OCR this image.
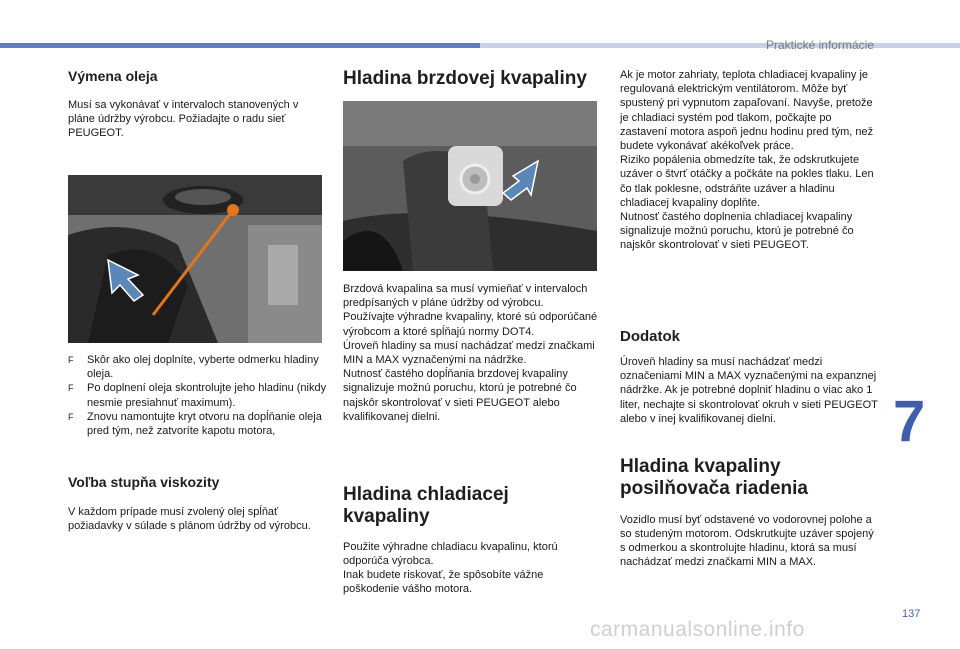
Praktické informácie
7
137
carmanualsonline.info
Výmena oleja

Musí sa vykonávať v intervaloch stanovených v pláne údržby výrobcu. Požiadajte o radu sieť PEUGEOT.

F Skôr ako olej doplníte, vyberte odmerku hladiny oleja.
F Po doplnení oleja skontrolujte jeho hladinu (nikdy nesmie presiahnuť maximum).
F Znovu namontujte kryt otvoru na dopĺňanie oleja pred tým, než zatvoríte kapotu motora,
Voľba stupňa viskozity

V každom prípade musí zvolený olej spĺňať požiadavky v súlade s plánom údržby od výrobcu.

Hladina brzdovej kvapaliny

Brzdová kvapalina sa musí vymieňať v intervaloch predpísaných v pláne údržby od výrobcu.

Používajte výhradne kvapaliny, ktoré sú odporúčané výrobcom a ktoré spĺňajú normy DOT4.

Úroveň hladiny sa musí nachádzať medzi značkami MIN a MAX vyznačenými na nádržke.

Nutnosť častého dopĺňania brzdovej kvapaliny signalizuje možnú poruchu, ktorú je potrebné čo najskôr skontrolovať v sieti PEUGEOT alebo kvalifikovanej dielni.

Hladina chladiacej kvapaliny

Použite výhradne chladiacu kvapalinu, ktorú odporúča výrobca.

Inak budete riskovať, že spôsobíte vážne poškodenie vášho motora.

Ak je motor zahriaty, teplota chladiacej kvapaliny je regulovaná elektrickým ventilátorom. Môže byť spustený pri vypnutom zapaľovaní. Navyše, pretože je chladiaci systém pod tlakom, počkajte po zastavení motora aspoň jednu hodinu pred tým, než budete vykonávať akékoľvek práce.

Riziko popálenia obmedzíte tak, že odskrutkujete uzáver o štvrť otáčky a počkáte na pokles tlaku. Len čo tlak poklesne, odstráňte uzáver a hladinu chladiacej kvapaliny doplňte.

Nutnosť častého doplnenia chladiacej kvapaliny signalizuje možnú poruchu, ktorú je potrebné čo najskôr skontrolovať v sieti PEUGEOT.

Dodatok

Úroveň hladiny sa musí nachádzať medzi označeniami MIN a MAX vyznačenými na expanznej nádržke. Ak je potrebné doplniť hladinu o viac ako 1 liter, nechajte si skontrolovať okruh v sieti PEUGEOT alebo v inej kvalifikovanej dielni.

Hladina kvapaliny posilňovača riadenia

Vozidlo musí byť odstavené vo vodorovnej polohe a so studeným motorom. Odskrutkujte uzáver spojený s odmerkou a skontrolujte hladinu, ktorá sa musí nachádzať medzi značkami MIN a MAX.
